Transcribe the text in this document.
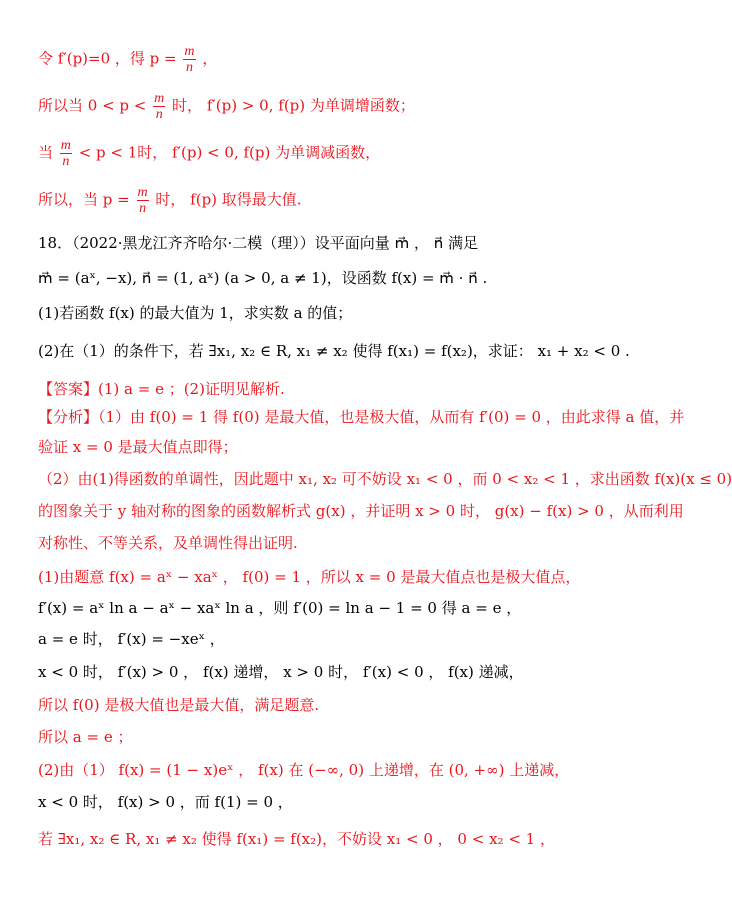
令 f′(p)=0 ，得 $p = \frac{m}{n}$ ，
所以当 $0 < p < \frac{m}{n}$ 时， f′(p) > 0, f(p) 为单调增函数；
当 $\frac{m}{n} < p < 1$时， f′(p) < 0, f(p) 为单调减函数，
所以，当 $p = \frac{m}{n}$ 时， f(p) 取得最大值.
18．（2022·黑龙江齐齐哈尔·二模（理））设平面向量 m⃗ ， n⃗ 满足
m⃗ = (aˣ, −x), n⃗ = (1, aˣ) (a > 0, a ≠ 1)，设函数 f(x) = m⃗ · n⃗ .
(1)若函数 f(x) 的最大值为 1，求实数 a 的值；
(2)在（1）的条件下，若 ∃x₁, x₂ ∈ R, x₁ ≠ x₂ 使得 f(x₁) = f(x₂)，求证： x₁ + x₂ < 0 .
【答案】(1) a = e ；(2)证明见解析.
【分析】（1）由 f(0) = 1 得 f(0) 是最大值，也是极大值，从而有 f′(0) = 0 ，由此求得 a 值，并
验证 x = 0 是最大值点即得；
（2）由(1)得函数的单调性，因此题中 x₁, x₂ 可不妨设 x₁ < 0 ，而 0 < x₂ < 1 ，求出函数 f(x)(x ≤ 0)
的图象关于 y 轴对称的图象的函数解析式 g(x) ，并证明 x > 0 时， g(x) − f(x) > 0 ，从而利用
对称性、不等关系，及单调性得出证明.
(1)由题意 f(x) = aˣ − xaˣ ， f(0) = 1 ，所以 x = 0 是最大值点也是极大值点，
f′(x) = aˣ ln a − aˣ − xaˣ ln a ，则 f′(0) = ln a − 1 = 0 得 a = e ，
a = e 时， f′(x) = −xeˣ ，
x < 0 时， f′(x) > 0 ， f(x) 递增， x > 0 时， f′(x) < 0 ， f(x) 递减，
所以 f(0) 是极大值也是最大值，满足题意.
所以 a = e ；
(2)由（1） f(x) = (1 − x)eˣ ， f(x) 在 (−∞, 0) 上递增，在 (0, +∞) 上递减，
x < 0 时， f(x) > 0 ，而 f(1) = 0 ，
若 ∃x₁, x₂ ∈ R, x₁ ≠ x₂ 使得 f(x₁) = f(x₂)，不妨设 x₁ < 0 ， 0 < x₂ < 1 ，
